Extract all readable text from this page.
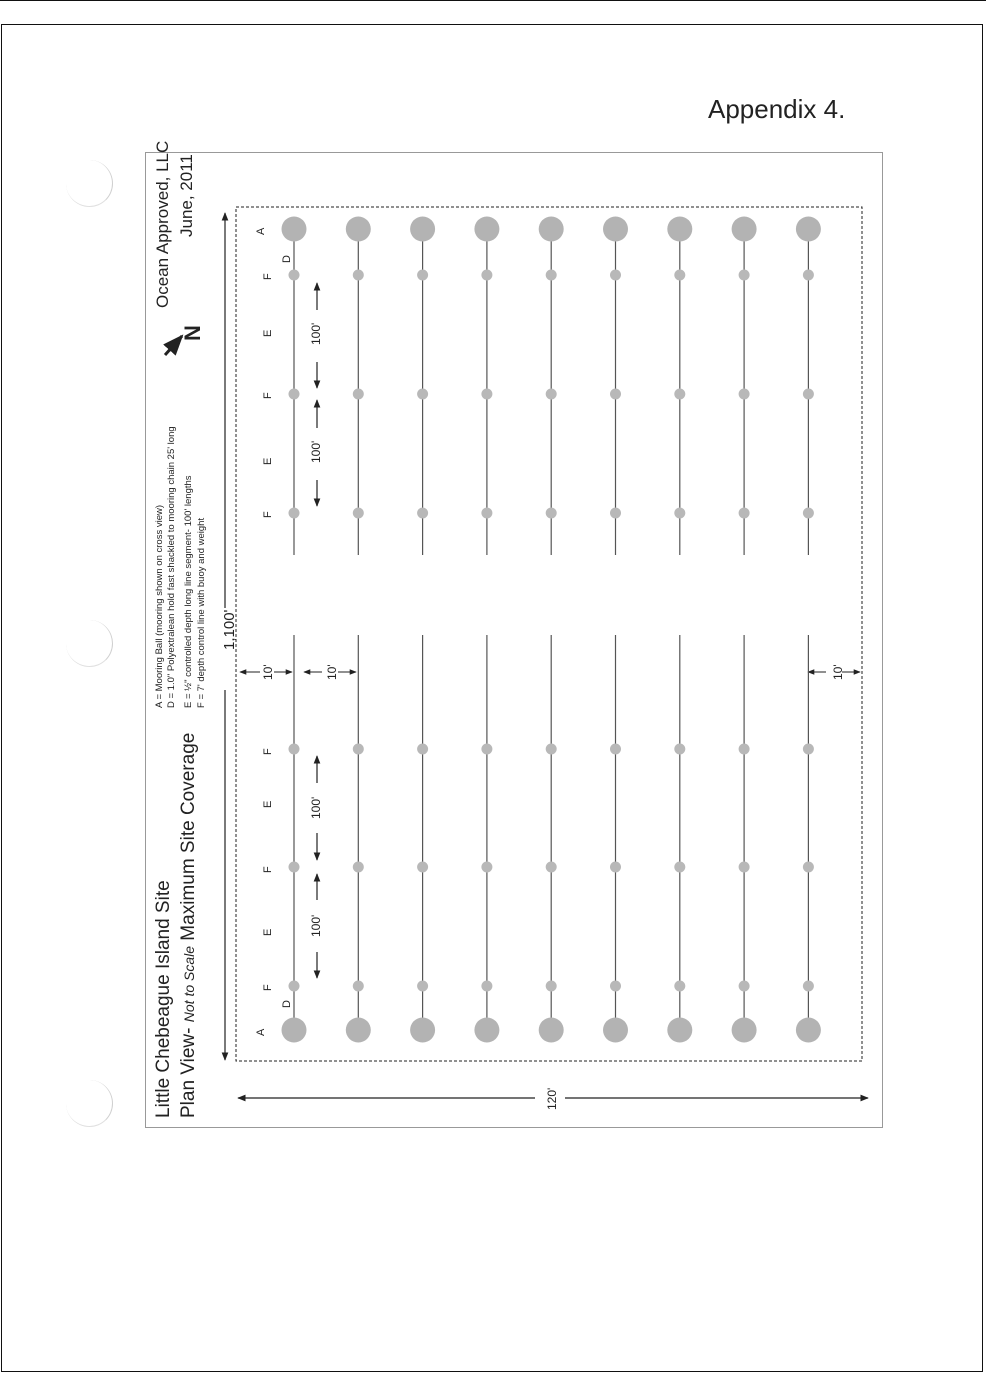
Appendix 4.
Ocean Approved, LLC June, 2011
Little Chebeague Island Site Plan View- Not to Scale Maximum Site Coverage
A = Mooring Ball (mooring shown on cross view) D = 1.0" Polyextralean hold fast shackled to mooring chain 25' long E = ½" controlled depth long line segment- 100' lengths F = 7' depth control line with buoy and weight 1,100'
120'
10'	10'	10'
100'
100'
100'
100'
N
A
D
F
E
F
E
F
F
E
F
E
F
D
A
